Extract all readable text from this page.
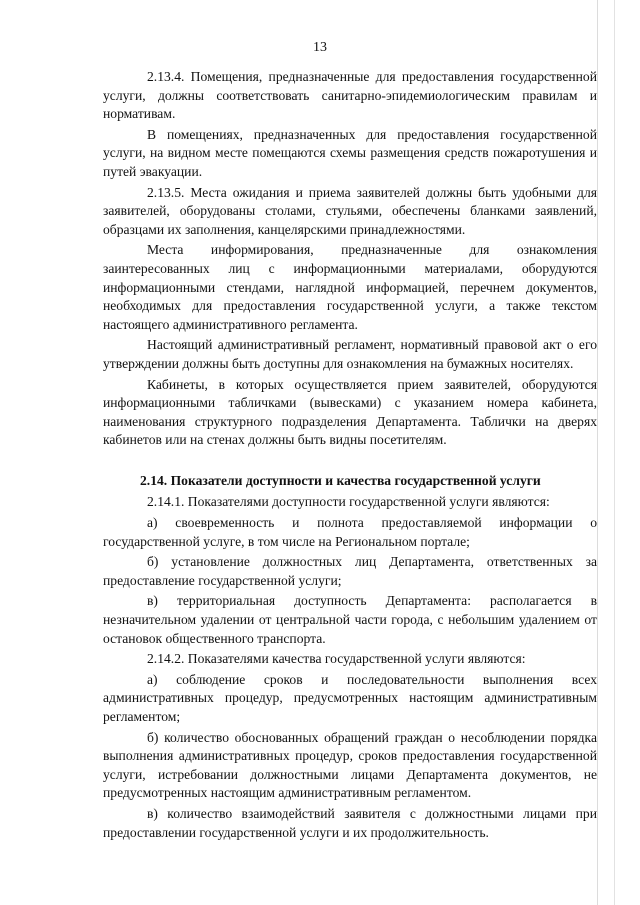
13

2.13.4. Помещения, предназначенные для предоставления государственной услуги, должны соответствовать санитарно-эпидемиологическим правилам и нормативам.

В помещениях, предназначенных для предоставления государственной услуги, на видном месте помещаются схемы размещения средств пожаротушения и путей эвакуации.

2.13.5. Места ожидания и приема заявителей должны быть удобными для заявителей, оборудованы столами, стульями, обеспечены бланками заявлений, образцами их заполнения, канцелярскими принадлежностями.

Места информирования, предназначенные для ознакомления заинтересованных лиц с информационными материалами, оборудуются информационными стендами, наглядной информацией, перечнем документов, необходимых для предоставления государственной услуги, а также текстом настоящего административного регламента.

Настоящий административный регламент, нормативный правовой акт о его утверждении должны быть доступны для ознакомления на бумажных носителях.

Кабинеты, в которых осуществляется прием заявителей, оборудуются информационными табличками (вывесками) с указанием номера кабинета, наименования структурного подразделения Департамента. Таблички на дверях кабинетов или на стенах должны быть видны посетителям.

2.14. Показатели доступности и качества государственной услуги

2.14.1. Показателями доступности государственной услуги являются:

а) своевременность и полнота предоставляемой информации о государственной услуге, в том числе на Региональном портале;

б) установление должностных лиц Департамента, ответственных за предоставление государственной услуги;

в) территориальная доступность Департамента: располагается в незначительном удалении от центральной части города, с небольшим удалением от остановок общественного транспорта.

2.14.2. Показателями качества государственной услуги являются:

а) соблюдение сроков и последовательности выполнения всех административных процедур, предусмотренных настоящим административным регламентом;

б) количество обоснованных обращений граждан о несоблюдении порядка выполнения административных процедур, сроков предоставления государственной услуги, истребовании должностными лицами Департамента документов, не предусмотренных настоящим административным регламентом.

в) количество взаимодействий заявителя с должностными лицами при предоставлении государственной услуги и их продолжительность.
